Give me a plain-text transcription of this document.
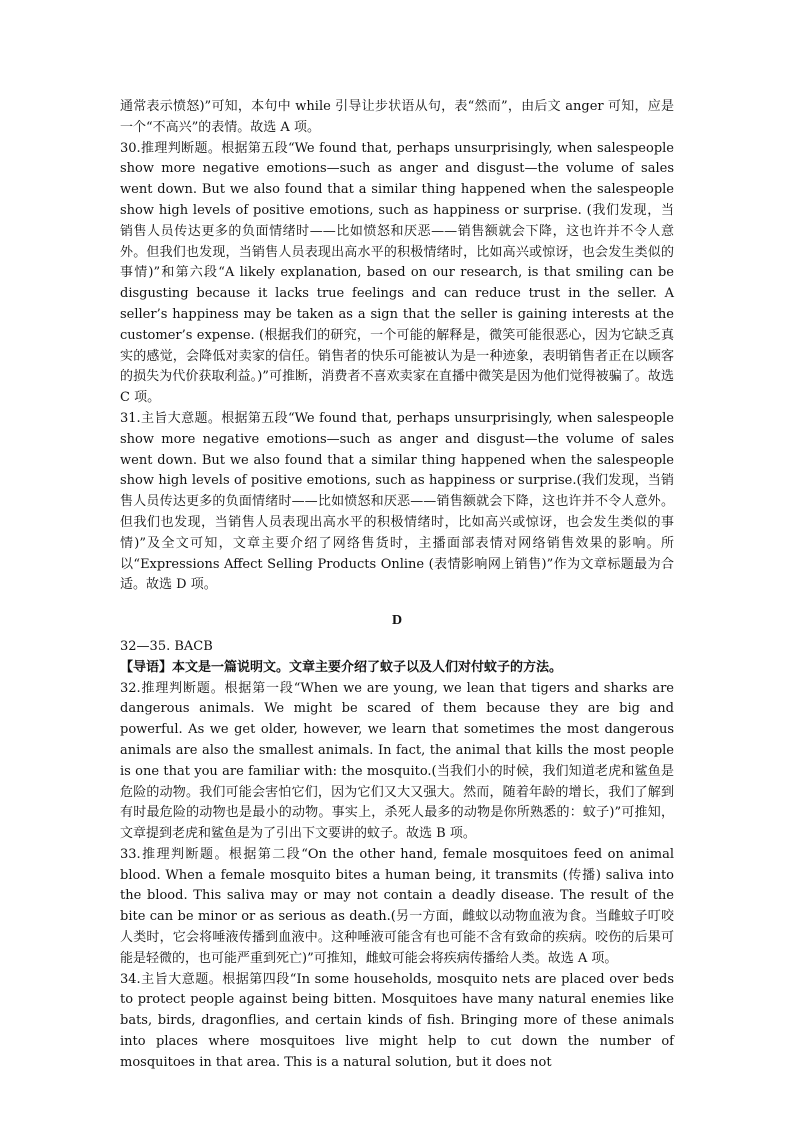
通常表示愤怒)”可知，本句中 while 引导让步状语从句，表“然而”，由后文 anger 可知，应是一个“不高兴”的表情。故选 A 项。

30.推理判断题。根据第五段“We found that, perhaps unsurprisingly, when salespeople show more negative emotions—such as anger and disgust—the volume of sales went down. But we also found that a similar thing happened when the salespeople show high levels of positive emotions, such as happiness or surprise. (我们发现，当销售人员传达更多的负面情绪时——比如愤怒和厌恶——销售额就会下降，这也许并不令人意外。但我们也发现，当销售人员表现出高水平的积极情绪时，比如高兴或惊讶，也会发生类似的事情)”和第六段“A likely explanation, based on our research, is that smiling can be disgusting because it lacks true feelings and can reduce trust in the seller. A seller’s happiness may be taken as a sign that the seller is gaining interests at the customer’s expense. (根据我们的研究，一个可能的解释是，微笑可能很恶心，因为它缺乏真实的感觉，会降低对卖家的信任。销售者的快乐可能被认为是一种迹象，表明销售者正在以顾客的损失为代价获取利益。)”可推断，消费者不喜欢卖家在直播中微笑是因为他们觉得被骗了。故选 C 项。

31.主旨大意题。根据第五段“We found that, perhaps unsurprisingly, when salespeople show more negative emotions—such as anger and disgust—the volume of sales went down. But we also found that a similar thing happened when the salespeople show high levels of positive emotions, such as happiness or surprise.(我们发现，当销售人员传达更多的负面情绪时——比如愤怒和厌恶——销售额就会下降，这也许并不令人意外。但我们也发现，当销售人员表现出高水平的积极情绪时，比如高兴或惊讶，也会发生类似的事情)”及全文可知，文章主要介绍了网络售货时，主播面部表情对网络销售效果的影响。所以“Expressions Affect Selling Products Online (表情影响网上销售)”作为文章标题最为合适。故选 D 项。

D

32—35. BACB

【导语】本文是一篇说明文。文章主要介绍了蚊子以及人们对付蚊子的方法。

32.推理判断题。根据第一段“When we are young, we lean that tigers and sharks are dangerous animals. We might be scared of them because they are big and powerful. As we get older, however, we learn that sometimes the most dangerous animals are also the smallest animals. In fact, the animal that kills the most people is one that you are familiar with: the mosquito.(当我们小的时候，我们知道老虎和鲨鱼是危险的动物。我们可能会害怕它们，因为它们又大又强大。然而，随着年龄的增长，我们了解到有时最危险的动物也是最小的动物。事实上，杀死人最多的动物是你所熟悉的：蚊子)”可推知，文章提到老虎和鲨鱼是为了引出下文要讲的蚊子。故选 B 项。

33.推理判断题。根据第二段“On the other hand, female mosquitoes feed on animal blood. When a female mosquito bites a human being, it transmits (传播) saliva into the blood. This saliva may or may not contain a deadly disease. The result of the bite can be minor or as serious as death.(另一方面，雌蚊以动物血液为食。当雌蚊子叮咬人类时，它会将唾液传播到血液中。这种唾液可能含有也可能不含有致命的疾病。咬伤的后果可能是轻微的，也可能严重到死亡)”可推知，雌蚊可能会将疾病传播给人类。故选 A 项。

34.主旨大意题。根据第四段“In some households, mosquito nets are placed over beds to protect people against being bitten. Mosquitoes have many natural enemies like bats, birds, dragonflies, and certain kinds of fish. Bringing more of these animals into places where mosquitoes live might help to cut down the number of mosquitoes in that area. This is a natural solution, but it does not
